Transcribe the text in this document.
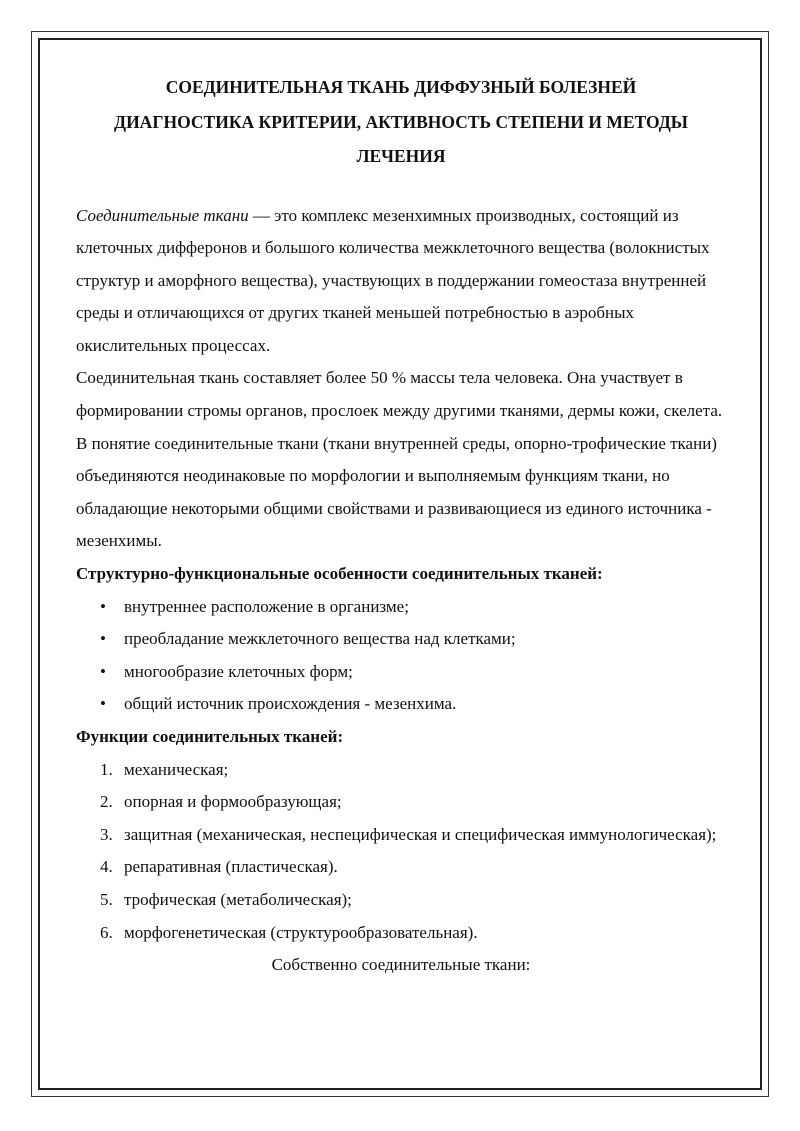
СОЕДИНИТЕЛЬНАЯ ТКАНЬ ДИФФУЗНЫЙ БОЛЕЗНЕЙ
ДИАГНОСТИКА КРИТЕРИИ, АКТИВНОСТЬ СТЕПЕНИ И МЕТОДЫ
ЛЕЧЕНИЯ

Соединительные ткани — это комплекс мезенхимных производных, состоящий из клеточных дифферонов и большого количества межклеточного вещества (волокнистых структур и аморфного вещества), участвующих в поддержании гомеостаза внутренней среды и отличающихся от других тканей меньшей потребностью в аэробных окислительных процессах.

Соединительная ткань составляет более 50 % массы тела человека. Она участвует в формировании стромы органов, прослоек между другими тканями, дермы кожи, скелета.

В понятие соединительные ткани (ткани внутренней среды, опорно-трофические ткани) объединяются неодинаковые по морфологии и выполняемым функциям ткани, но обладающие некоторыми общими свойствами и развивающиеся из единого источника - мезенхимы.

Структурно-функциональные особенности соединительных тканей:

• внутреннее расположение в организме;
• преобладание межклеточного вещества над клетками;
• многообразие клеточных форм;
• общий источник происхождения - мезенхима.

Функции соединительных тканей:

1. механическая;
2. опорная и формообразующая;
3. защитная (механическая, неспецифическая и специфическая иммунологическая);
4. репаративная (пластическая).
5. трофическая (метаболическая);
6. морфогенетическая (структурообразовательная).

Собственно соединительные ткани:
